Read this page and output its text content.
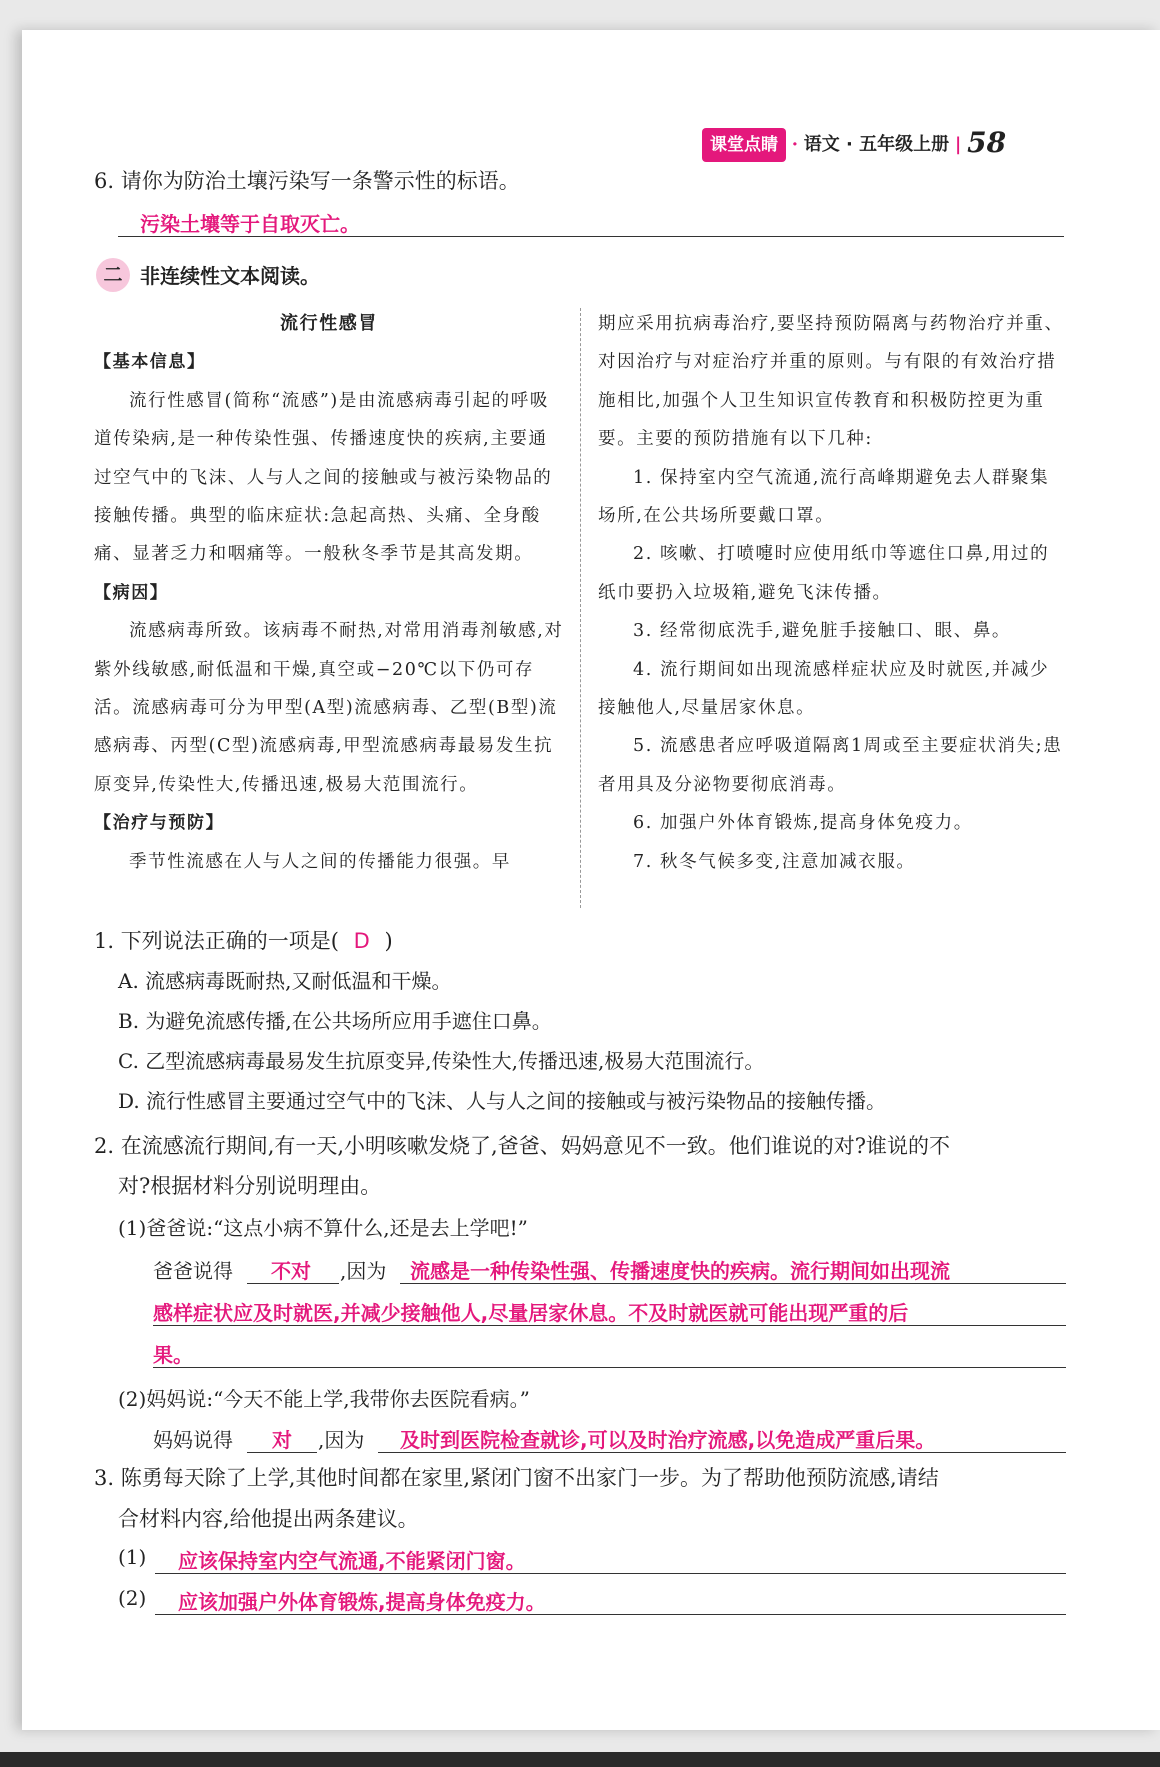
课堂点睛 · 语文 · 五年级上册 | 58
6. 请你为防治土壤污染写一条警示性的标语。
污染土壤等于自取灭亡。
二 非连续性文本阅读。

流行性感冒

【基本信息】

流行性感冒(简称“流感”)是由流感病毒引起的呼吸道传染病,是一种传染性强、传播速度快的疾病,主要通过空气中的飞沫、人与人之间的接触或与被污染物品的接触传播。典型的临床症状:急起高热、头痛、全身酸痛、显著乏力和咽痛等。一般秋冬季节是其高发期。

【病因】

流感病毒所致。该病毒不耐热,对常用消毒剂敏感,对紫外线敏感,耐低温和干燥,真空或−20℃以下仍可存活。流感病毒可分为甲型(A型)流感病毒、乙型(B型)流感病毒、丙型(C型)流感病毒,甲型流感病毒最易发生抗原变异,传染性大,传播迅速,极易大范围流行。

【治疗与预防】

季节性流感在人与人之间的传播能力很强。早

期应采用抗病毒治疗,要坚持预防隔离与药物治疗并重、对因治疗与对症治疗并重的原则。与有限的有效治疗措施相比,加强个人卫生知识宣传教育和积极防控更为重要。主要的预防措施有以下几种:

1. 保持室内空气流通,流行高峰期避免去人群聚集场所,在公共场所要戴口罩。

2. 咳嗽、打喷嚏时应使用纸巾等遮住口鼻,用过的纸巾要扔入垃圾箱,避免飞沫传播。

3. 经常彻底洗手,避免脏手接触口、眼、鼻。

4. 流行期间如出现流感样症状应及时就医,并减少接触他人,尽量居家休息。

5. 流感患者应呼吸道隔离1周或至主要症状消失;患者用具及分泌物要彻底消毒。

6. 加强户外体育锻炼,提高身体免疫力。

7. 秋冬气候多变,注意加减衣服。

1. 下列说法正确的一项是( D )
A. 流感病毒既耐热,又耐低温和干燥。
B. 为避免流感传播,在公共场所应用手遮住口鼻。
C. 乙型流感病毒最易发生抗原变异,传染性大,传播迅速,极易大范围流行。
D. 流行性感冒主要通过空气中的飞沫、人与人之间的接触或与被污染物品的接触传播。
2. 在流感流行期间,有一天,小明咳嗽发烧了,爸爸、妈妈意见不一致。他们谁说的对?谁说的不
对?根据材料分别说明理由。
(1)爸爸说:“这点小病不算什么,还是去上学吧!”
爸爸说得 不对 ,因为 流感是一种传染性强、传播速度快的疾病。流行期间如出现流
感样症状应及时就医,并减少接触他人,尽量居家休息。不及时就医就可能出现严重的后
果。
(2)妈妈说:“今天不能上学,我带你去医院看病。”
妈妈说得 对 ,因为 及时到医院检查就诊,可以及时治疗流感,以免造成严重后果。
3. 陈勇每天除了上学,其他时间都在家里,紧闭门窗不出家门一步。为了帮助他预防流感,请结
合材料内容,给他提出两条建议。
(1) 应该保持室内空气流通,不能紧闭门窗。
(2) 应该加强户外体育锻炼,提高身体免疫力。
